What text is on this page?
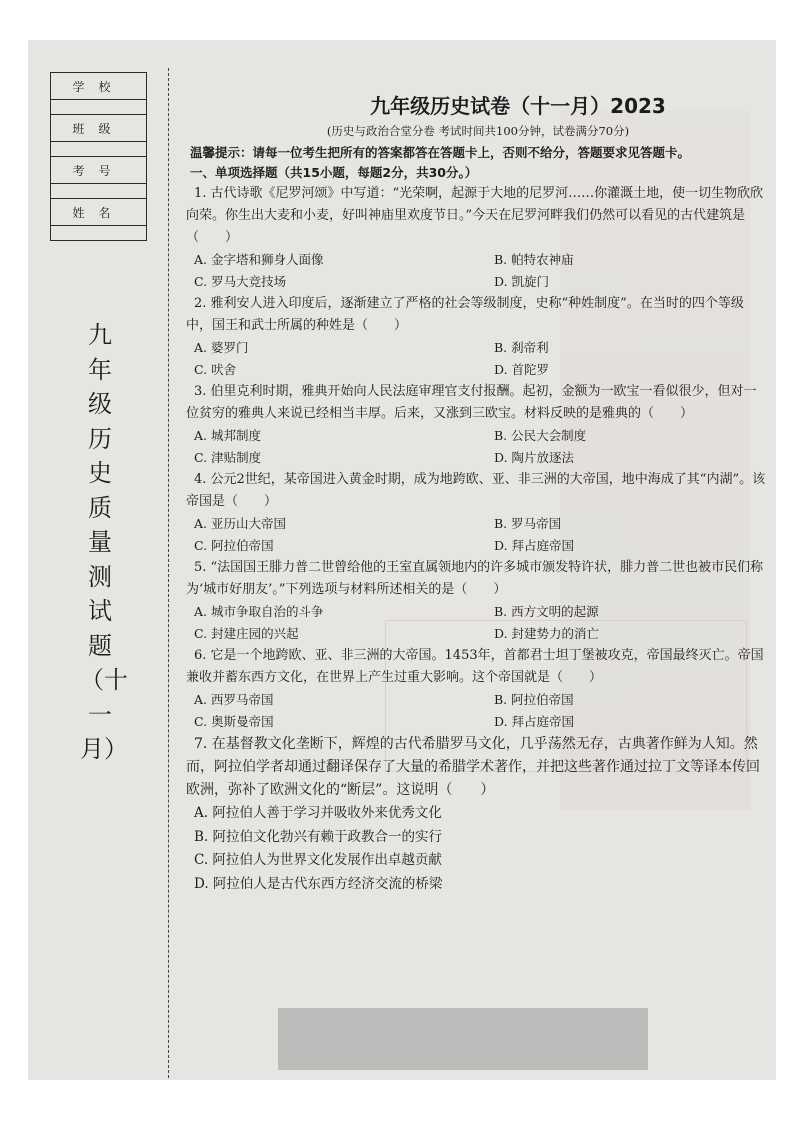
学校

班级

考号

姓名

九年级历史质量测试题（十一月）
九年级历史试卷（十一月）2023
(历史与政治合堂分卷 考试时间共100分钟，试卷满分70分)
温馨提示：请每一位考生把所有的答案都答在答题卡上，否则不给分，答题要求见答题卡。
一、单项选择题（共15小题，每题2分，共30分。）
1. 古代诗歌《尼罗河颂》中写道：“光荣啊，起源于大地的尼罗河……你灌溉土地，使一切生物欣欣向荣。你生出大麦和小麦，好叫神庙里欢度节日。”今天在尼罗河畔我们仍然可以看见的古代建筑是（　　）
A. 金字塔和狮身人面像	B. 帕特农神庙
C. 罗马大竞技场	D. 凯旋门
2. 雅利安人进入印度后，逐渐建立了严格的社会等级制度，史称“种姓制度”。在当时的四个等级中，国王和武士所属的种姓是（　　）
A. 婆罗门	B. 刹帝利
C. 吠舍	D. 首陀罗
3. 伯里克利时期，雅典开始向人民法庭审理官支付报酬。起初，金额为一欧宝一看似很少，但对一位贫穷的雅典人来说已经相当丰厚。后来，又涨到三欧宝。材料反映的是雅典的（　　）
A. 城邦制度	B. 公民大会制度
C. 津贴制度	D. 陶片放逐法
4. 公元2世纪，某帝国进入黄金时期，成为地跨欧、亚、非三洲的大帝国，地中海成了其“内湖”。该帝国是（　　）
A. 亚历山大帝国	B. 罗马帝国
C. 阿拉伯帝国	D. 拜占庭帝国
5. “法国国王腓力普二世曾给他的王室直属领地内的许多城市颁发特许状，腓力普二世也被市民们称为‘城市好朋友’。”下列选项与材料所述相关的是（　　）
A. 城市争取自治的斗争	B. 西方文明的起源
C. 封建庄园的兴起	D. 封建势力的消亡
6. 它是一个地跨欧、亚、非三洲的大帝国。1453年，首都君士坦丁堡被攻克，帝国最终灭亡。帝国兼收并蓄东西方文化，在世界上产生过重大影响。这个帝国就是（　　）
A. 西罗马帝国	B. 阿拉伯帝国
C. 奥斯曼帝国	D. 拜占庭帝国
7. 在基督教文化垄断下，辉煌的古代希腊罗马文化，几乎荡然无存，古典著作鲜为人知。然而，阿拉伯学者却通过翻译保存了大量的希腊学术著作，并把这些著作通过拉丁文等译本传回欧洲，弥补了欧洲文化的“断层”。这说明（　　）
A. 阿拉伯人善于学习并吸收外来优秀文化
B. 阿拉伯文化勃兴有赖于政教合一的实行
C. 阿拉伯人为世界文化发展作出卓越贡献
D. 阿拉伯人是古代东西方经济交流的桥梁
